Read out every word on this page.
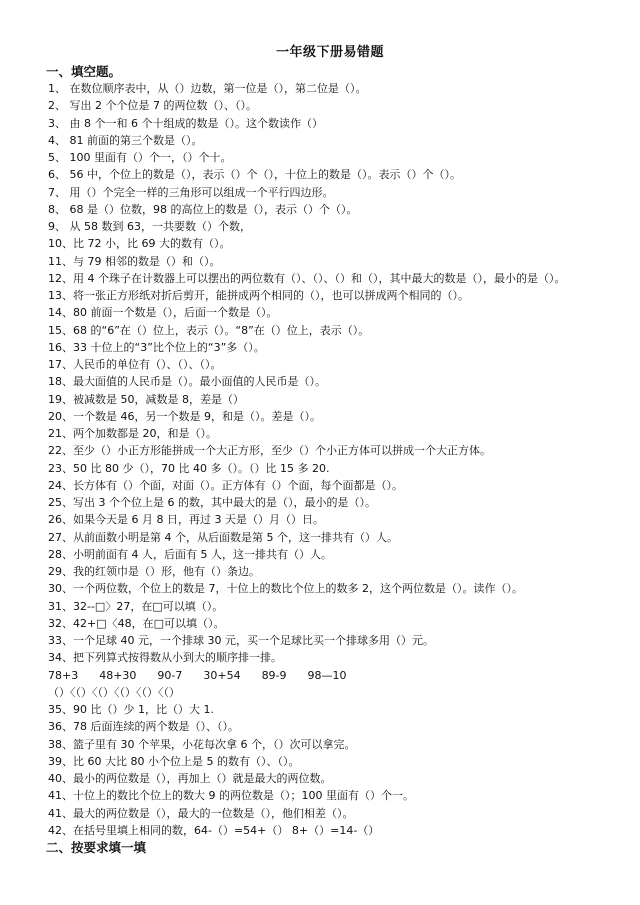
一年级下册易错题
一、填空题。
1、 在数位顺序表中，从（）边数，第一位是（），第二位是（）。
2、 写出 2 个个位是 7 的两位数（）、（）。
3、 由 8 个一和 6 个十组成的数是（）。这个数读作（）
4、 81 前面的第三个数是（）。
5、 100 里面有（）个一，（）个十。
6、 56 中，个位上的数是（），表示（）个（），十位上的数是（）。表示（）个（）。
7、 用（）个完全一样的三角形可以组成一个平行四边形。
8、 68 是（）位数，98 的高位上的数是（），表示（）个（）。
9、 从 58 数到 63，一共要数（）个数，
10、比 72 小，比 69 大的数有（）。
11、与 79 相邻的数是（）和（）。
12、用 4 个珠子在计数器上可以摆出的两位数有（）、（）、（）和（），其中最大的数是（），最小的是（）。
13、将一张正方形纸对折后剪开，能拼成两个相同的（），也可以拼成两个相同的（）。
14、80 前面一个数是（），后面一个数是（）。
15、68 的“6”在（）位上，表示（）。“8”在（）位上，表示（）。
16、33 十位上的“3”比个位上的“3”多（）。
17、人民币的单位有（）、（）、（）。
18、最大面值的人民币是（）。最小面值的人民币是（）。
19、被减数是 50，减数是 8，差是（）
20、一个数是 46，另一个数是 9，和是（）。差是（）。
21、两个加数都是 20，和是（）。
22、至少（）小正方形能拼成一个大正方形，至少（）个小正方体可以拼成一个大正方体。
23、50 比 80 少（），70 比 40 多（）。（）比 15 多 20.
24、长方体有（）个面，对面（）。正方体有（）个面，每个面都是（）。
25、写出 3 个个位上是 6 的数，其中最大的是（），最小的是（）。
26、如果今天是 6 月 8 日，再过 3 天是（）月（）日。
27、从前面数小明是第 4 个，从后面数是第 5 个，这一排共有（）人。
28、小明前面有 4 人，后面有 5 人，这一排共有（）人。
29、我的红领巾是（）形，他有（）条边。
30、一个两位数，个位上的数是 7，十位上的数比个位上的数多 2，这个两位数是（）。读作（）。
31、32--□〉27，在□可以填（）。
32、42+□〈48，在□可以填（）。
33、一个足球 40 元，一个排球 30 元，买一个足球比买一个排球多用（）元。
34、把下列算式按得数从小到大的顺序排一排。
78+3 48+30 90-7 30+54 89-9 98—10
（）〈（）〈（）〈（）〈（）〈（）
35、90 比（）少 1，比（）大 1.
36、78 后面连续的两个数是（）、（）。
38、篮子里有 30 个苹果，小花每次拿 6 个，（）次可以拿完。
39、比 60 大比 80 小个位上是 5 的数有（）、（）。
40、最小的两位数是（），再加上（）就是最大的两位数。
41、十位上的数比个位上的数大 9 的两位数是（）；100 里面有（）个一。
41、最大的两位数是（），最大的一位数是（），他们相差（）。
42、在括号里填上相同的数，64-（）=54+（） 8+（）=14-（）
二、按要求填一填
